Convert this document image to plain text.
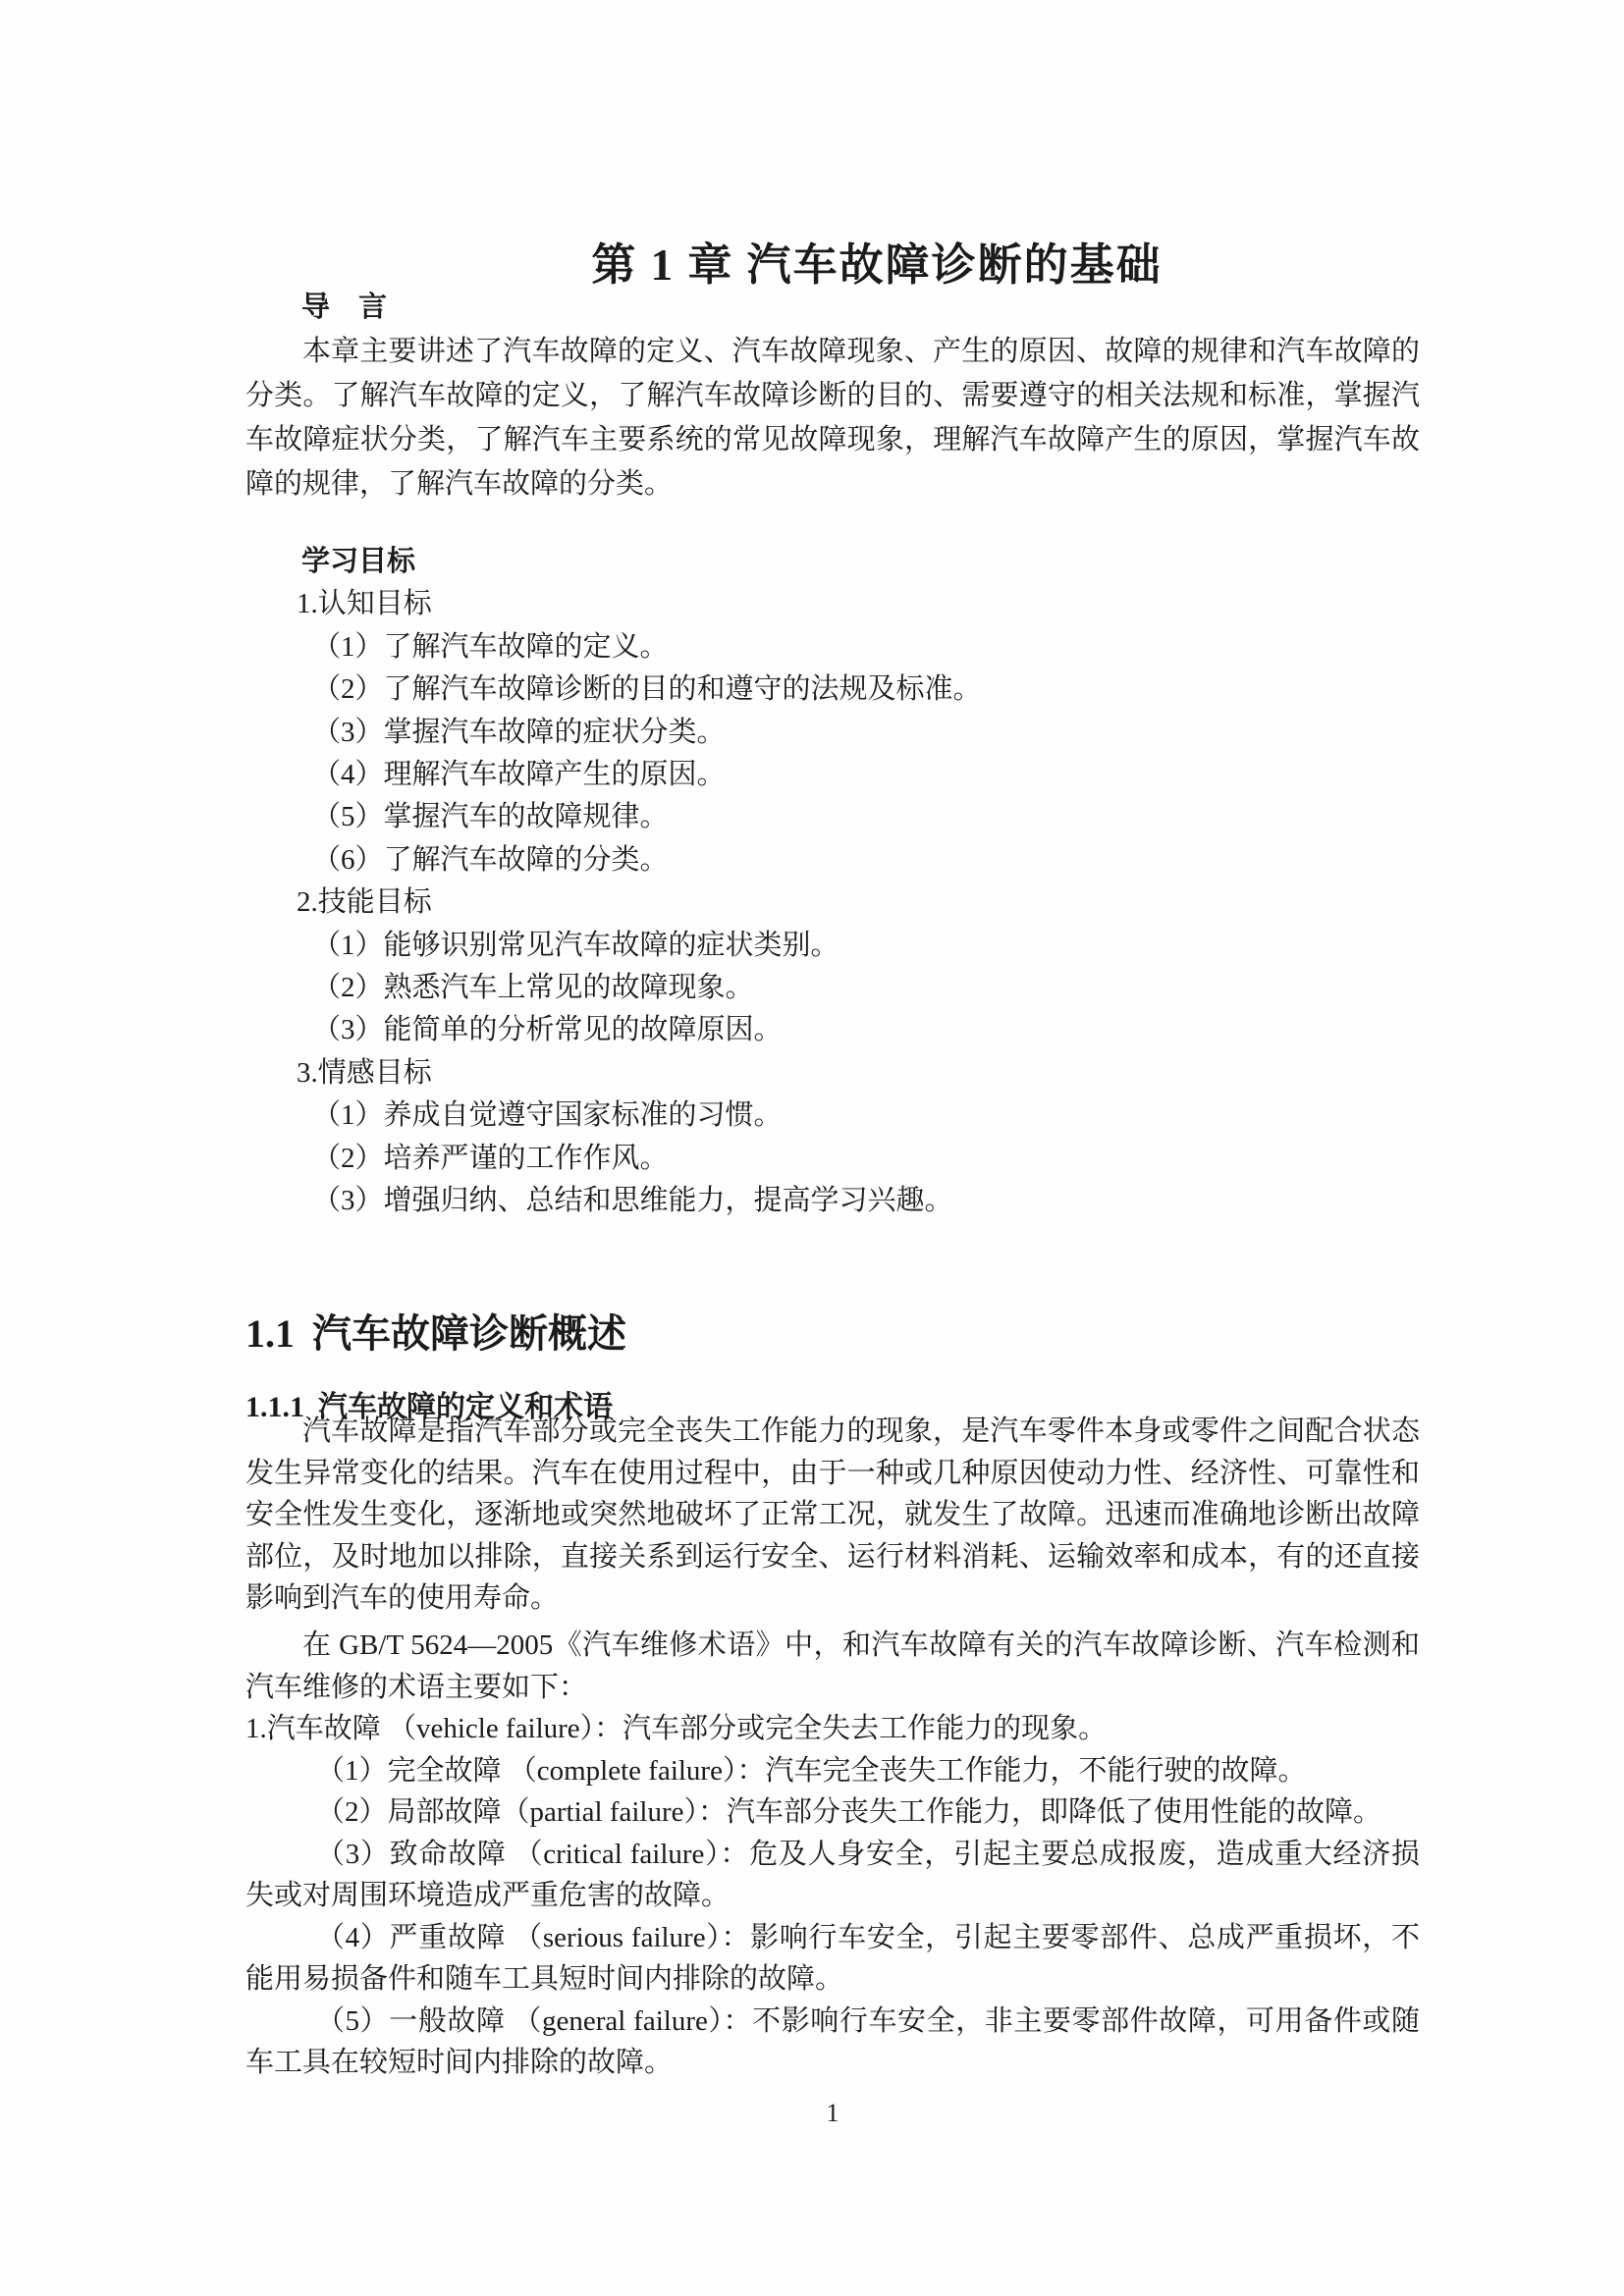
第 1 章 汽车故障诊断的基础

导　言

本章主要讲述了汽车故障的定义、汽车故障现象、产生的原因、故障的规律和汽车故障的分类。了解汽车故障的定义，了解汽车故障诊断的目的、需要遵守的相关法规和标准，掌握汽车故障症状分类，了解汽车主要系统的常见故障现象，理解汽车故障产生的原因，掌握汽车故障的规律，了解汽车故障的分类。

学习目标

1.认知目标

（1）了解汽车故障的定义。

（2）了解汽车故障诊断的目的和遵守的法规及标准。

（3）掌握汽车故障的症状分类。

（4）理解汽车故障产生的原因。

（5）掌握汽车的故障规律。

（6）了解汽车故障的分类。

2.技能目标

（1）能够识别常见汽车故障的症状类别。

（2）熟悉汽车上常见的故障现象。

（3）能简单的分析常见的故障原因。

3.情感目标

（1）养成自觉遵守国家标准的习惯。

（2）培养严谨的工作作风。

（3）增强归纳、总结和思维能力，提高学习兴趣。

1.1 汽车故障诊断概述
1.1.1 汽车故障的定义和术语

汽车故障是指汽车部分或完全丧失工作能力的现象，是汽车零件本身或零件之间配合状态发生异常变化的结果。汽车在使用过程中，由于一种或几种原因使动力性、经济性、可靠性和安全性发生变化，逐渐地或突然地破坏了正常工况，就发生了故障。迅速而准确地诊断出故障部位，及时地加以排除，直接关系到运行安全、运行材料消耗、运输效率和成本，有的还直接影响到汽车的使用寿命。

在 GB/T 5624—2005《汽车维修术语》中，和汽车故障有关的汽车故障诊断、汽车检测和汽车维修的术语主要如下：

1.汽车故障 （vehicle failure）：汽车部分或完全失去工作能力的现象。

（1）完全故障 （complete failure）：汽车完全丧失工作能力，不能行驶的故障。

（2）局部故障（partial failure）：汽车部分丧失工作能力，即降低了使用性能的故障。

（3）致命故障 （critical failure）：危及人身安全，引起主要总成报废，造成重大经济损失或对周围环境造成严重危害的故障。

（4）严重故障 （serious failure）：影响行车安全，引起主要零部件、总成严重损坏，不能用易损备件和随车工具短时间内排除的故障。

（5）一般故障 （general failure）：不影响行车安全，非主要零部件故障，可用备件或随车工具在较短时间内排除的故障。

1
